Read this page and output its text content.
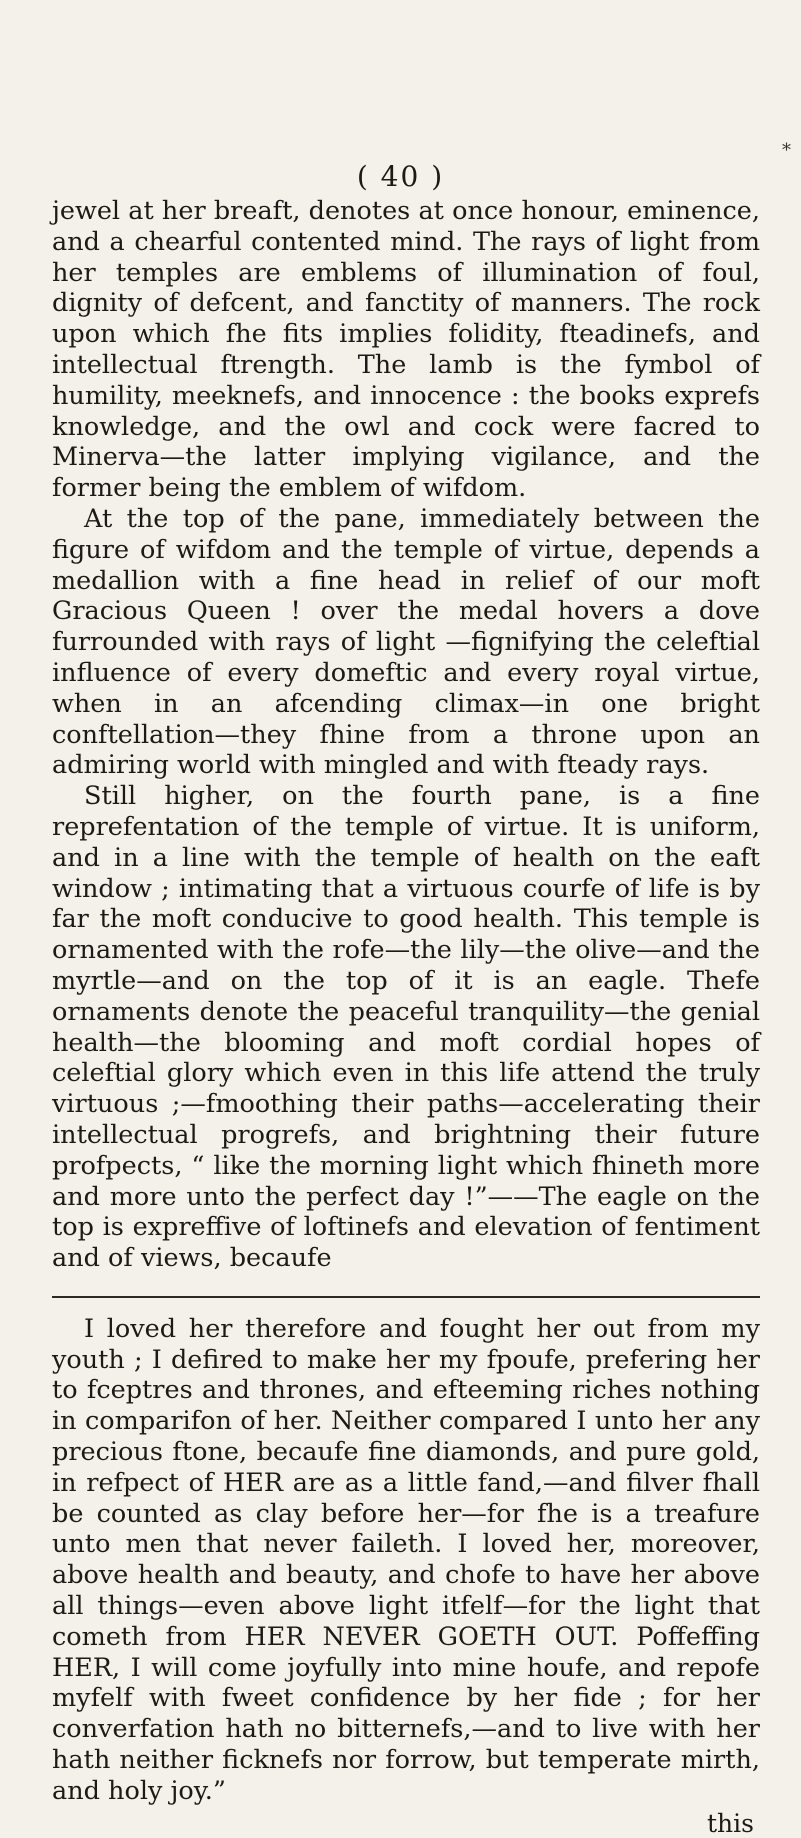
( 40 )
*

jewel at her breaft, denotes at once honour, eminence, and a chearful contented mind. The rays of light from her temples are emblems of illumination of foul, dignity of defcent, and fanctity of manners. The rock upon which fhe fits implies folidity, fteadinefs, and intellectual ftrength. The lamb is the fymbol of humility, meeknefs, and innocence : the books exprefs knowledge, and the owl and cock were facred to Minerva—the latter implying vigilance, and the former being the emblem of wifdom.

At the top of the pane, immediately between the figure of wifdom and the temple of virtue, depends a medallion with a fine head in relief of our moft Gracious Queen ! over the medal hovers a dove furrounded with rays of light —fignifying the celeftial influence of every domeftic and every royal virtue, when in an afcending climax—in one bright conftellation—they fhine from a throne upon an admiring world with mingled and with fteady rays.

Still higher, on the fourth pane, is a fine reprefentation of the temple of virtue. It is uniform, and in a line with the temple of health on the eaft window ; intimating that a virtuous courfe of life is by far the moft conducive to good health. This temple is ornamented with the rofe—the lily—the olive—and the myrtle—and on the top of it is an eagle. Thefe ornaments denote the peaceful tranquility—the genial health—the blooming and moft cordial hopes of celeftial glory which even in this life attend the truly virtuous ;—fmoothing their paths—accelerating their intellectual progrefs, and brightning their future profpects, “ like the morning light which fhineth more and more unto the perfect day !”——The eagle on the top is expreffive of loftinefs and elevation of fentiment and of views, becaufe

I loved her therefore and fought her out from my youth ; I defired to make her my fpoufe, prefering her to fceptres and thrones, and efteeming riches nothing in comparifon of her. Neither compared I unto her any precious ftone, becaufe fine diamonds, and pure gold, in refpect of HER are as a little fand,—and filver fhall be counted as clay before her—for fhe is a treafure unto men that never faileth. I loved her, moreover, above health and beauty, and chofe to have her above all things—even above light itfelf—for the light that cometh from HER NEVER GOETH OUT. Poffeffing HER, I will come joyfully into mine houfe, and repofe myfelf with fweet confidence by her fide ; for her converfation hath no bitternefs,—and to live with her hath neither ficknefs nor forrow, but temperate mirth, and holy joy.”

this
